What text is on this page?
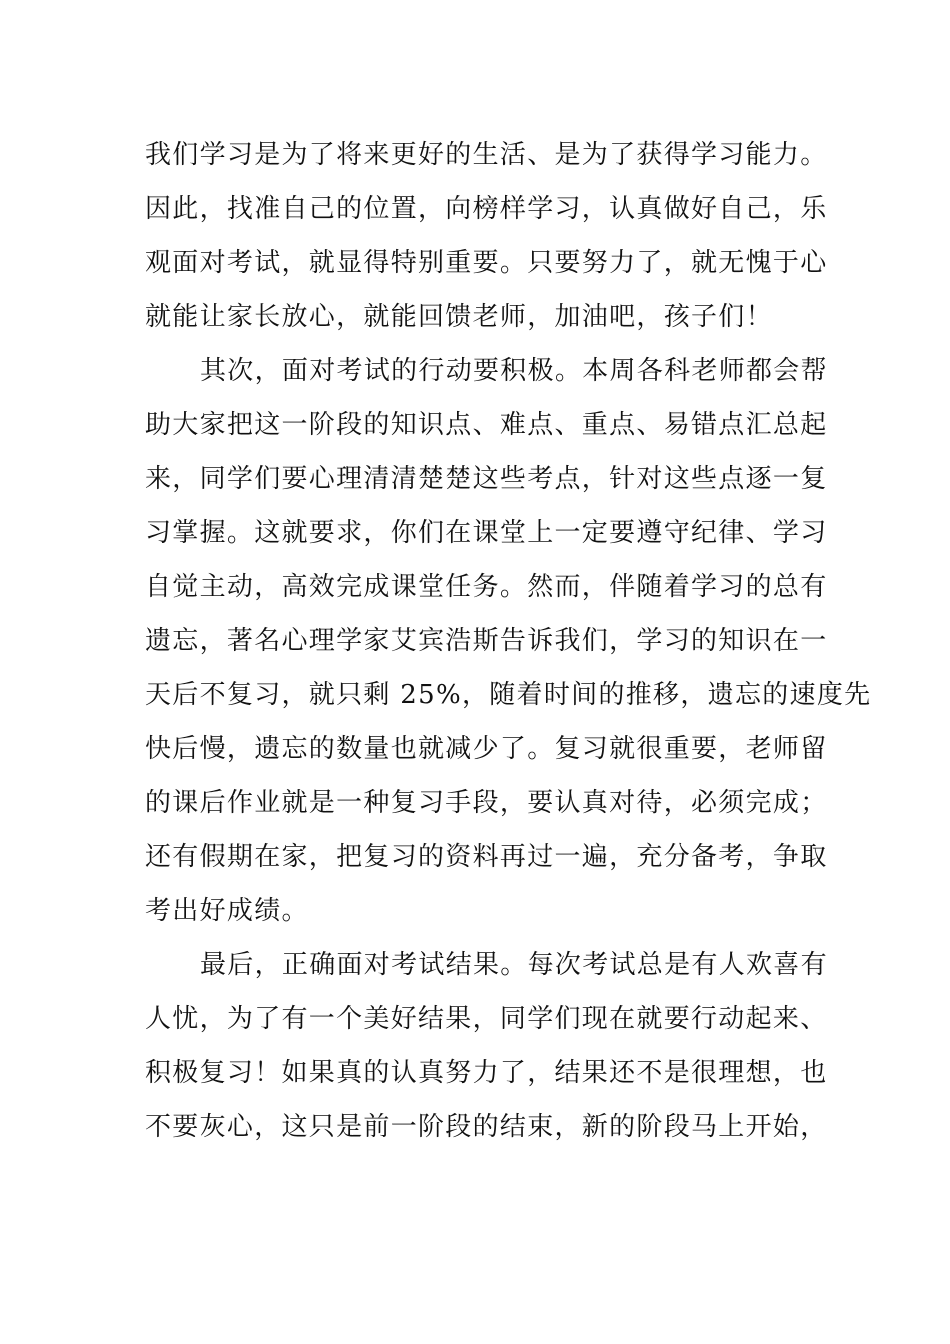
我们学习是为了将来更好的生活、是为了获得学习能力。
因此，找准自己的位置，向榜样学习，认真做好自己，乐
观面对考试，就显得特别重要。只要努力了，就无愧于心
就能让家长放心，就能回馈老师，加油吧，孩子们！
其次，面对考试的行动要积极。本周各科老师都会帮
助大家把这一阶段的知识点、难点、重点、易错点汇总起
来，同学们要心理清清楚楚这些考点，针对这些点逐一复
习掌握。这就要求，你们在课堂上一定要遵守纪律、学习
自觉主动，高效完成课堂任务。然而，伴随着学习的总有
遗忘，著名心理学家艾宾浩斯告诉我们，学习的知识在一
天后不复习，就只剩 25%，随着时间的推移，遗忘的速度先
快后慢，遗忘的数量也就减少了。复习就很重要，老师留
的课后作业就是一种复习手段，要认真对待，必须完成；
还有假期在家，把复习的资料再过一遍，充分备考，争取
考出好成绩。
最后，正确面对考试结果。每次考试总是有人欢喜有
人忧，为了有一个美好结果，同学们现在就要行动起来、
积极复习！如果真的认真努力了，结果还不是很理想，也
不要灰心，这只是前一阶段的结束，新的阶段马上开始，
